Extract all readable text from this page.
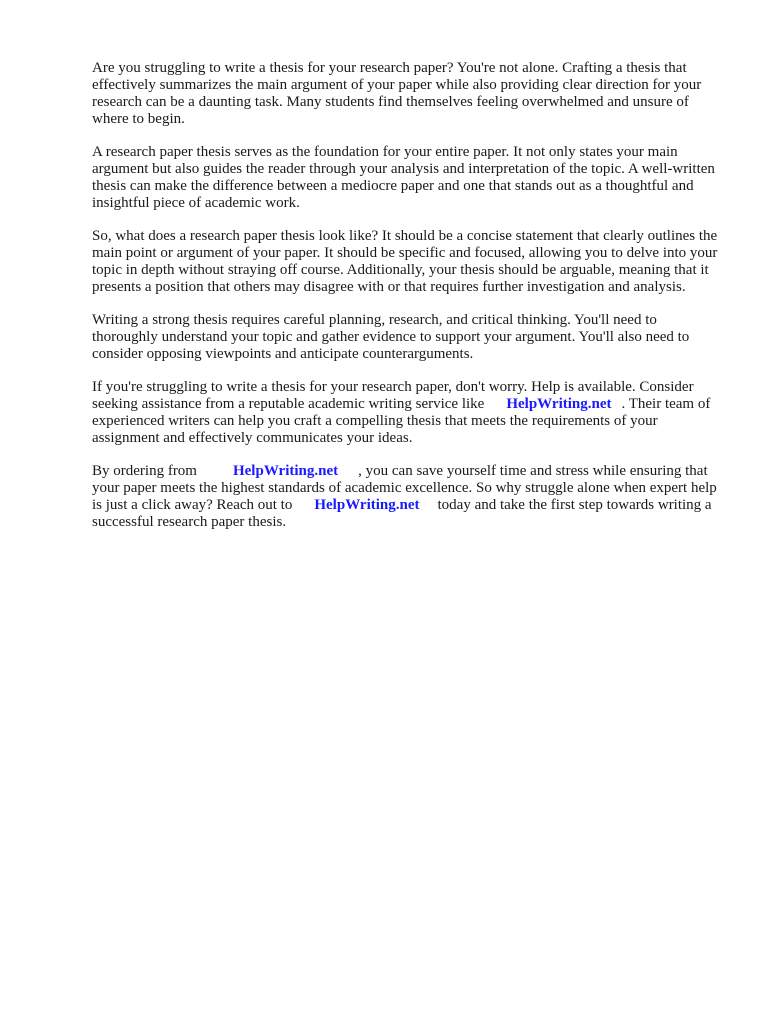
Are you struggling to write a thesis for your research paper? You're not alone. Crafting a thesis that effectively summarizes the main argument of your paper while also providing clear direction for your research can be a daunting task. Many students find themselves feeling overwhelmed and unsure of where to begin.

A research paper thesis serves as the foundation for your entire paper. It not only states your main argument but also guides the reader through your analysis and interpretation of the topic. A well-written thesis can make the difference between a mediocre paper and one that stands out as a thoughtful and insightful piece of academic work.

So, what does a research paper thesis look like? It should be a concise statement that clearly outlines the main point or argument of your paper. It should be specific and focused, allowing you to delve into your topic in depth without straying off course. Additionally, your thesis should be arguable, meaning that it presents a position that others may disagree with or that requires further investigation and analysis.

Writing a strong thesis requires careful planning, research, and critical thinking. You'll need to thoroughly understand your topic and gather evidence to support your argument. You'll also need to consider opposing viewpoints and anticipate counterarguments.

If you're struggling to write a thesis for your research paper, don't worry. Help is available. Consider seeking assistance from a reputable academic writing service like HelpWriting.net . Their team of experienced writers can help you craft a compelling thesis that meets the requirements of your assignment and effectively communicates your ideas.

By ordering from HelpWriting.net , you can save yourself time and stress while ensuring that your paper meets the highest standards of academic excellence. So why struggle alone when expert help is just a click away? Reach out to HelpWriting.net today and take the first step towards writing a successful research paper thesis.
